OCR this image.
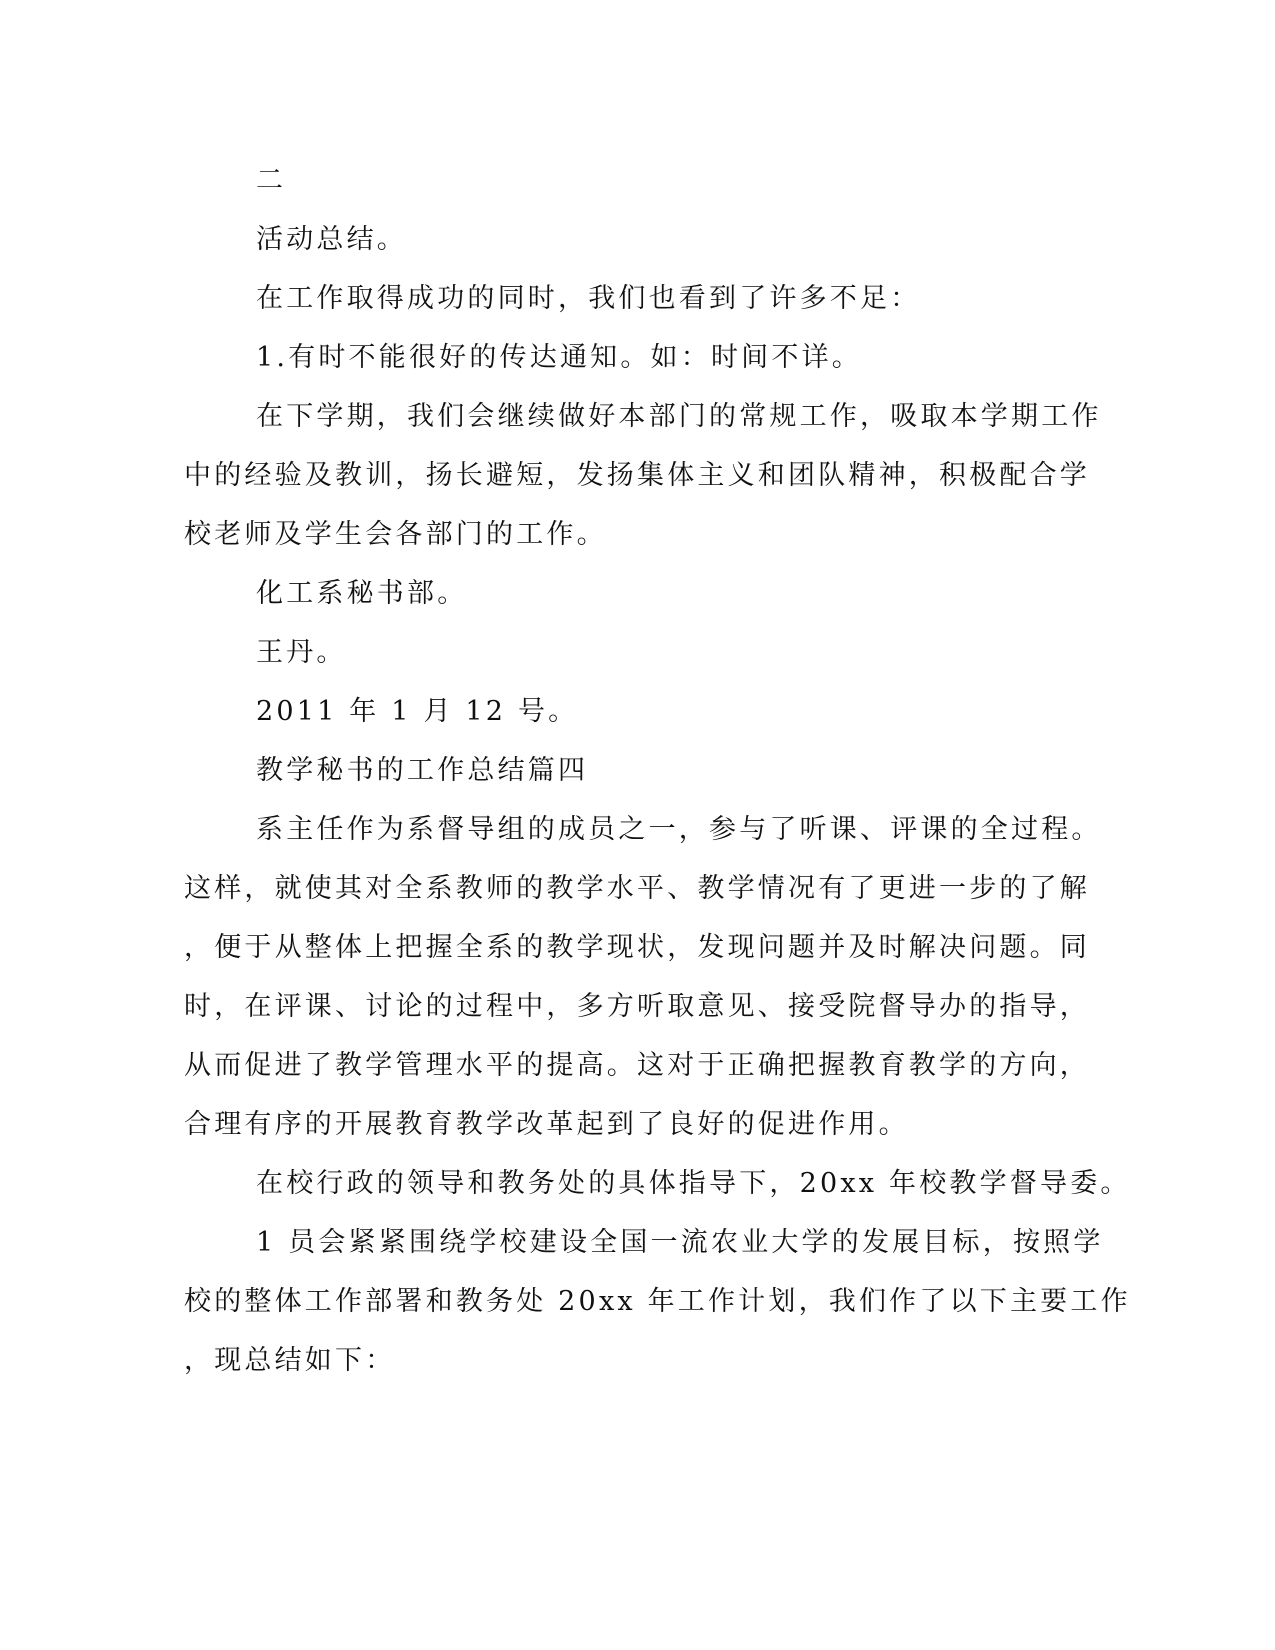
二
活动总结。
在工作取得成功的同时，我们也看到了许多不足：
1.有时不能很好的传达通知。如：时间不详。
在下学期，我们会继续做好本部门的常规工作，吸取本学期工作
中的经验及教训，扬长避短，发扬集体主义和团队精神，积极配合学
校老师及学生会各部门的工作。
化工系秘书部。
王丹。
2011 年 1 月 12 号。
教学秘书的工作总结篇四
系主任作为系督导组的成员之一，参与了听课、评课的全过程。
这样，就使其对全系教师的教学水平、教学情况有了更进一步的了解
，便于从整体上把握全系的教学现状，发现问题并及时解决问题。同
时，在评课、讨论的过程中，多方听取意见、接受院督导办的指导，
从而促进了教学管理水平的提高。这对于正确把握教育教学的方向，
合理有序的开展教育教学改革起到了良好的促进作用。
在校行政的领导和教务处的具体指导下，20xx 年校教学督导委。
1 员会紧紧围绕学校建设全国一流农业大学的发展目标，按照学
校的整体工作部署和教务处 20xx 年工作计划，我们作了以下主要工作
，现总结如下：
